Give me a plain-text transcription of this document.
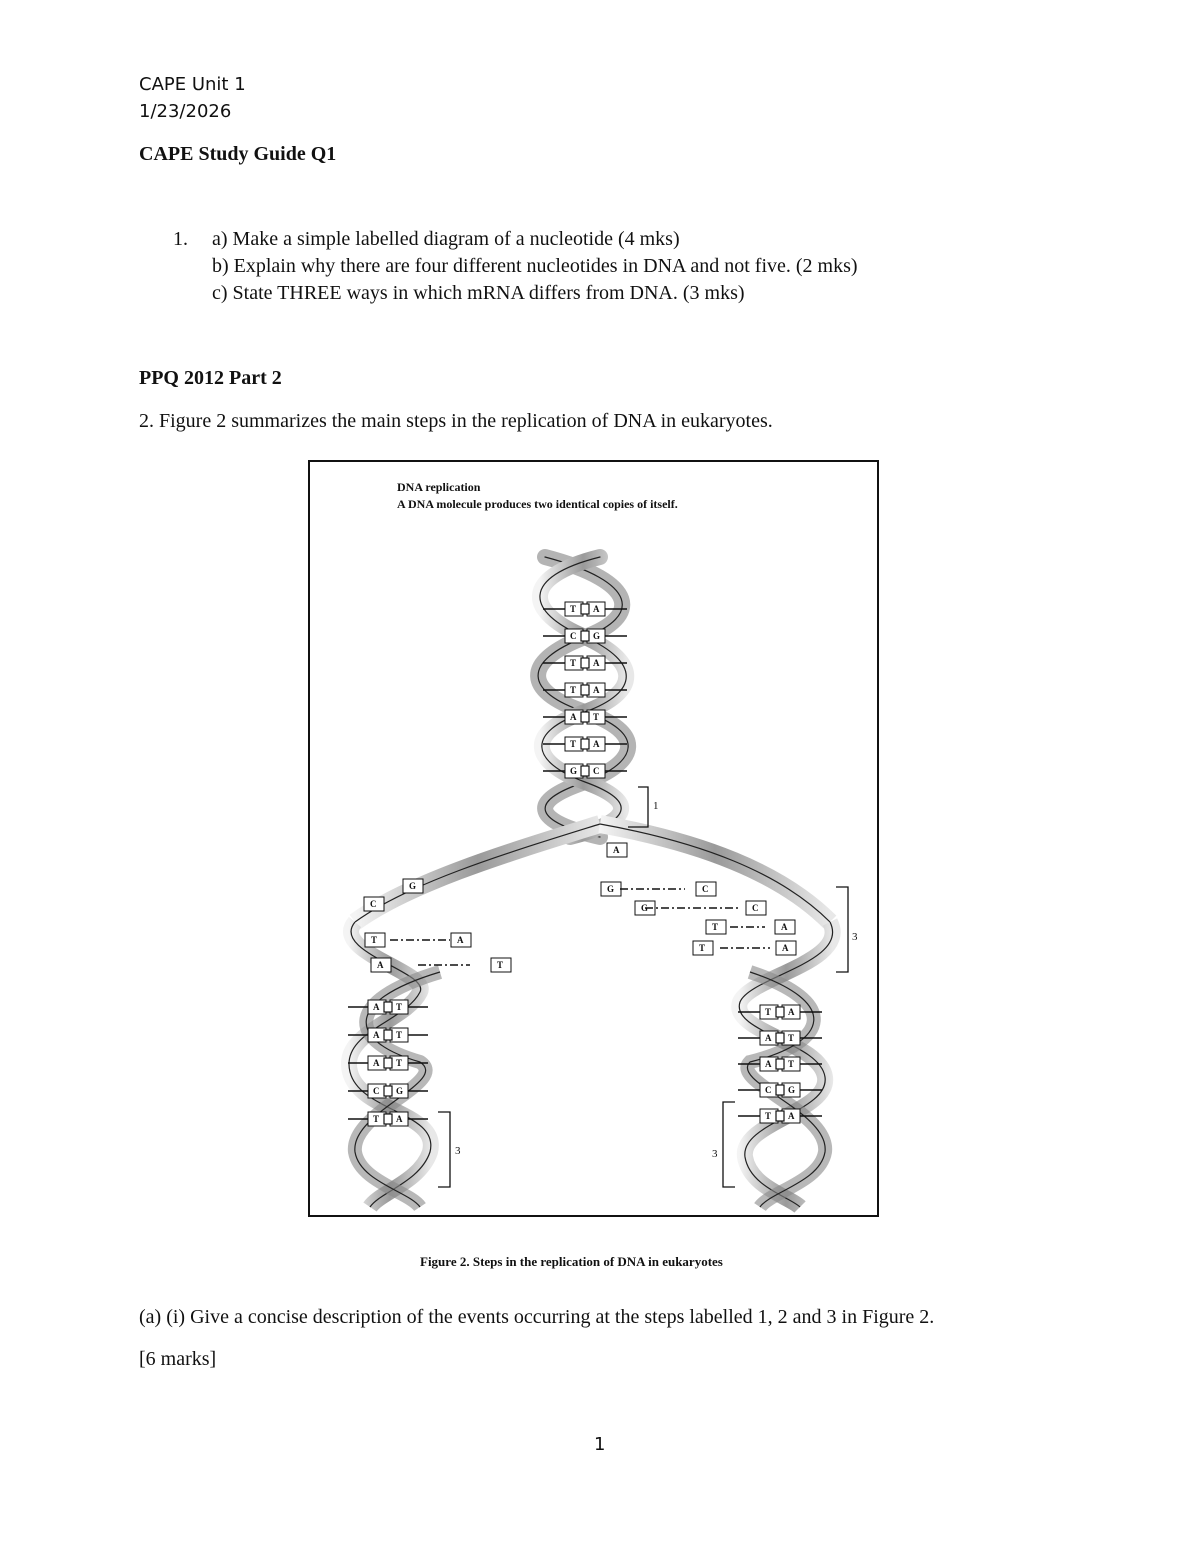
CAPE Unit 1
1/23/2026
CAPE Study Guide Q1
1. a) Make a simple labelled diagram of a nucleotide (4 mks)
b) Explain why there are four different nucleotides in DNA and not five. (2 mks)
c) State THREE ways in which mRNA differs from DNA. (3 mks)
PPQ 2012 Part 2
2. Figure 2 summarizes the main steps in the replication of DNA in eukaryotes.
T A
C G
T A
T A
A T
T A
G C
A T
A T
A T
C G
T A
T A
A T
A T
C G
T A
A
G	C
G	C
T	A
T	A
T	A
A	T
G
C
1
3
3	3
DNA replication
A DNA molecule produces two identical copies of itself.
Figure 2. Steps in the replication of DNA in eukaryotes
(a) (i) Give a concise description of the events occurring at the steps labelled 1, 2 and 3 in Figure 2.
[6 marks]
1
